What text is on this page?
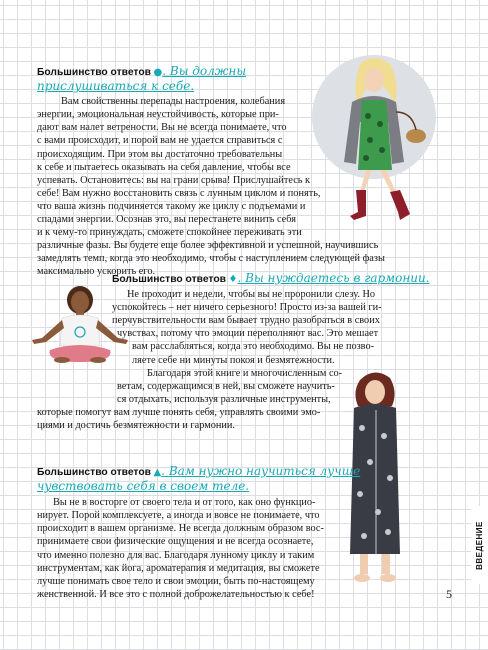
Большинство ответов ●. Вы должны
прислушиваться к себе.

Вам свойственны перепады настроения, колебания
энергии, эмоциональная неустойчивость, которые при-
дают вам налет ветрености. Вы не всегда понимаете, что
с вами происходит, и порой вам не удается справиться с
происходящим. При этом вы достаточно требовательны
к себе и пытаетесь оказывать на себя давление, чтобы все
успевать. Остановитесь: вы на грани срыва! Прислушайтесь к
себе! Вам нужно восстановить связь с лунным циклом и понять,
что ваша жизнь подчиняется такому же циклу с подъемами и
спадами энергии. Осознав это, вы перестанете винить себя
и к чему-то принуждать, сможете спокойнее переживать эти
различные фазы. Вы будете еще более эффективной и успешной, научившись
замедлять темп, когда это необходимо, чтобы с наступлением следующей фазы
максимально ускорить его.

Большинство ответов ♦. Вы нуждаетесь в гармонии.

Не проходит и недели, чтобы вы не проронили слезу. Но
успокойтесь – нет ничего серьезного! Просто из-за вашей ги-
перчувствительности вам бывает трудно разобраться в своих
чувствах, потому что эмоции переполняют вас. Это мешает
вам расслабляться, когда это необходимо. Вы не позво-
ляете себе ни минуты покоя и безмятежности.
Благодаря этой книге и многочисленным со-
ветам, содержащимся в ней, вы сможете научить-
ся отдыхать, используя различные инструменты,
которые помогут вам лучше понять себя, управлять своими эмо-
циями и достичь безмятежности и гармонии.

Большинство ответов ▲. Вам нужно научиться лучше
чувствовать себя в своем теле.

Вы не в восторге от своего тела и от того, как оно функцио-
нирует. Порой комплексуете, а иногда и вовсе не понимаете, что
происходит в вашем организме. Не всегда должным образом вос-
принимаете свои физические ощущения и не всегда осознаете,
что именно полезно для вас. Благодаря лунному циклу и таким
инструментам, как йога, ароматерапия и медитация, вы сможете
лучше понимать свое тело и свои эмоции, быть по-настоящему
женственной. И все это с полной доброжелательностью к себе!

ВВЕДЕНИЕ
5
